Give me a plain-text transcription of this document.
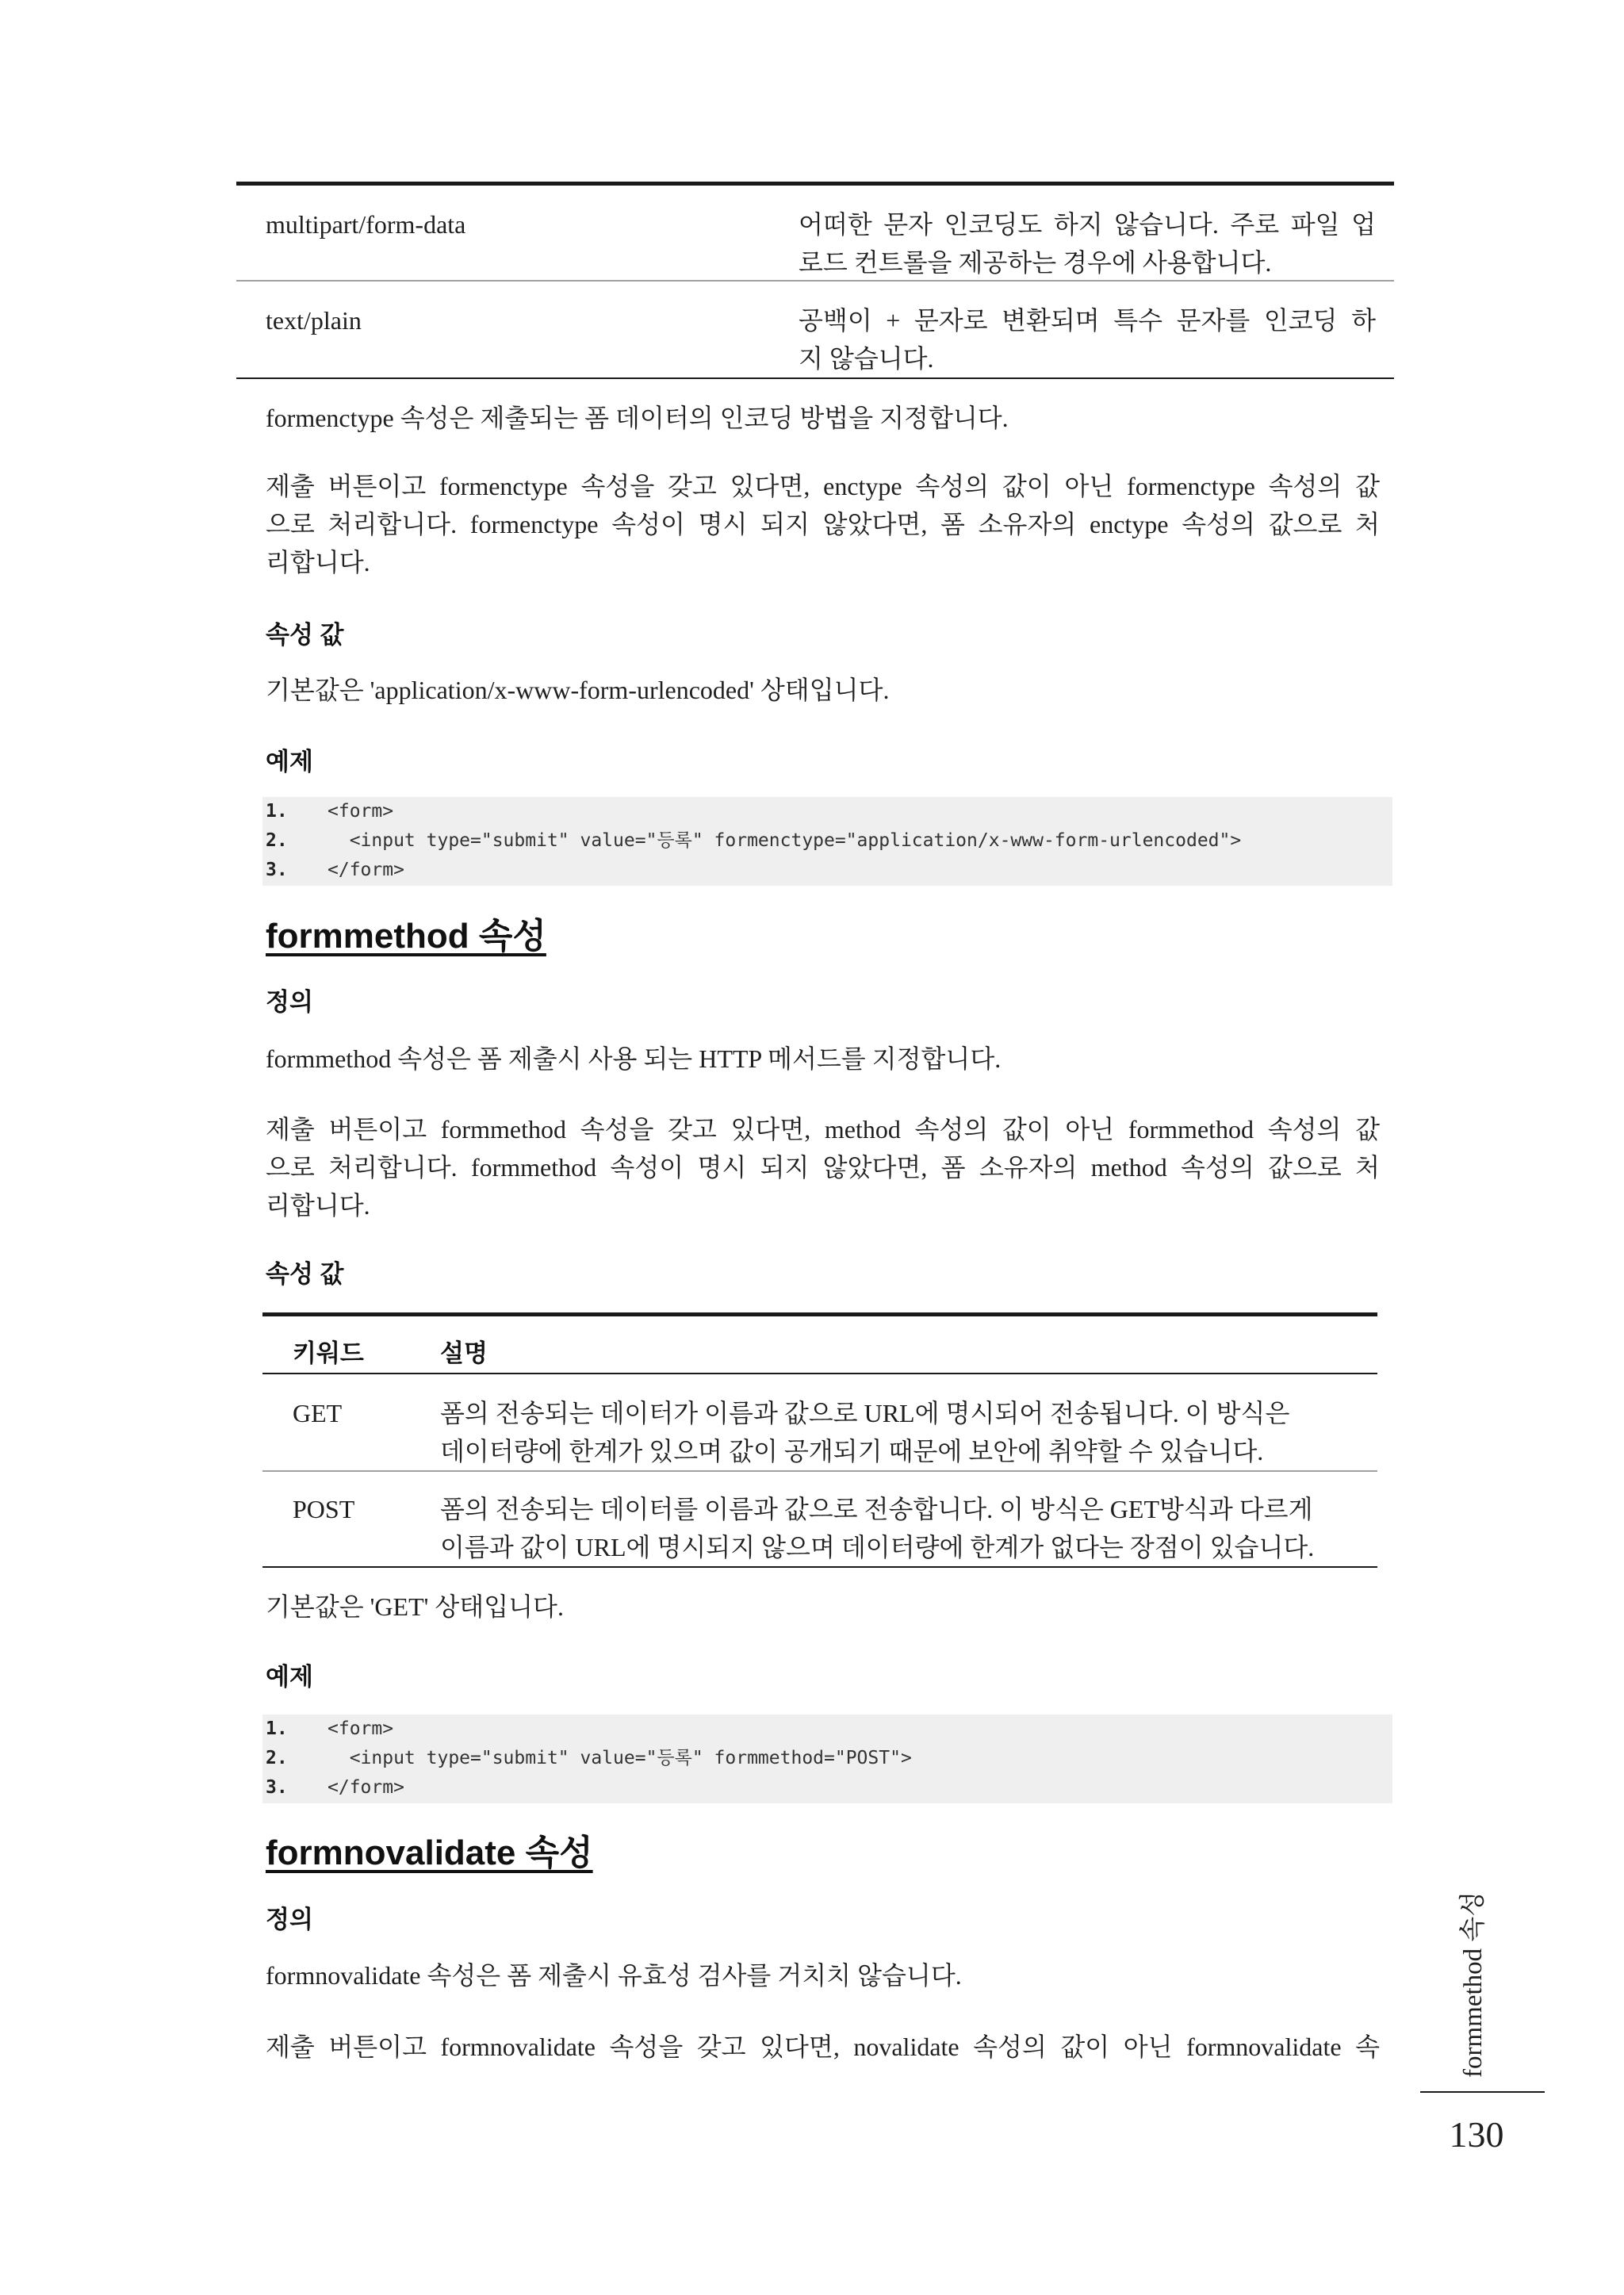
multipart/form-data	어떠한 문자 인코딩도 하지 않습니다. 주로 파일 업
로드 컨트롤을 제공하는 경우에 사용합니다.
text/plain	공백이 + 문자로 변환되며 특수 문자를 인코딩 하
지 않습니다.
formenctype 속성은 제출되는 폼 데이터의 인코딩 방법을 지정합니다.
제출 버튼이고 formenctype 속성을 갖고 있다면, enctype 속성의 값이 아닌 formenctype 속성의 값
으로 처리합니다. formenctype 속성이 명시 되지 않았다면, 폼 소유자의 enctype 속성의 값으로 처
리합니다.
속성 값
기본값은 'application/x-www-form-urlencoded' 상태입니다.
예제
1. <form>
2. <input type="submit" value="등록" formenctype="application/x-www-form-urlencoded">
3. </form>
formmethod 속성
정의
formmethod 속성은 폼 제출시 사용 되는 HTTP 메서드를 지정합니다.
제출 버튼이고 formmethod 속성을 갖고 있다면, method 속성의 값이 아닌 formmethod 속성의 값
으로 처리합니다. formmethod 속성이 명시 되지 않았다면, 폼 소유자의 method 속성의 값으로 처
리합니다.
속성 값
키워드	설명
GET	폼의 전송되는 데이터가 이름과 값으로 URL에 명시되어 전송됩니다. 이 방식은
데이터량에 한계가 있으며 값이 공개되기 때문에 보안에 취약할 수 있습니다.
POST	폼의 전송되는 데이터를 이름과 값으로 전송합니다. 이 방식은 GET방식과 다르게
이름과 값이 URL에 명시되지 않으며 데이터량에 한계가 없다는 장점이 있습니다.
기본값은 'GET' 상태입니다.
예제
1. <form>
2. <input type="submit" value="등록" formmethod="POST">
3. </form>
formnovalidate 속성
정의
formnovalidate 속성은 폼 제출시 유효성 검사를 거치치 않습니다.
제출 버튼이고 formnovalidate 속성을 갖고 있다면, novalidate 속성의 값이 아닌 formnovalidate 속	formmethod 속성
130
